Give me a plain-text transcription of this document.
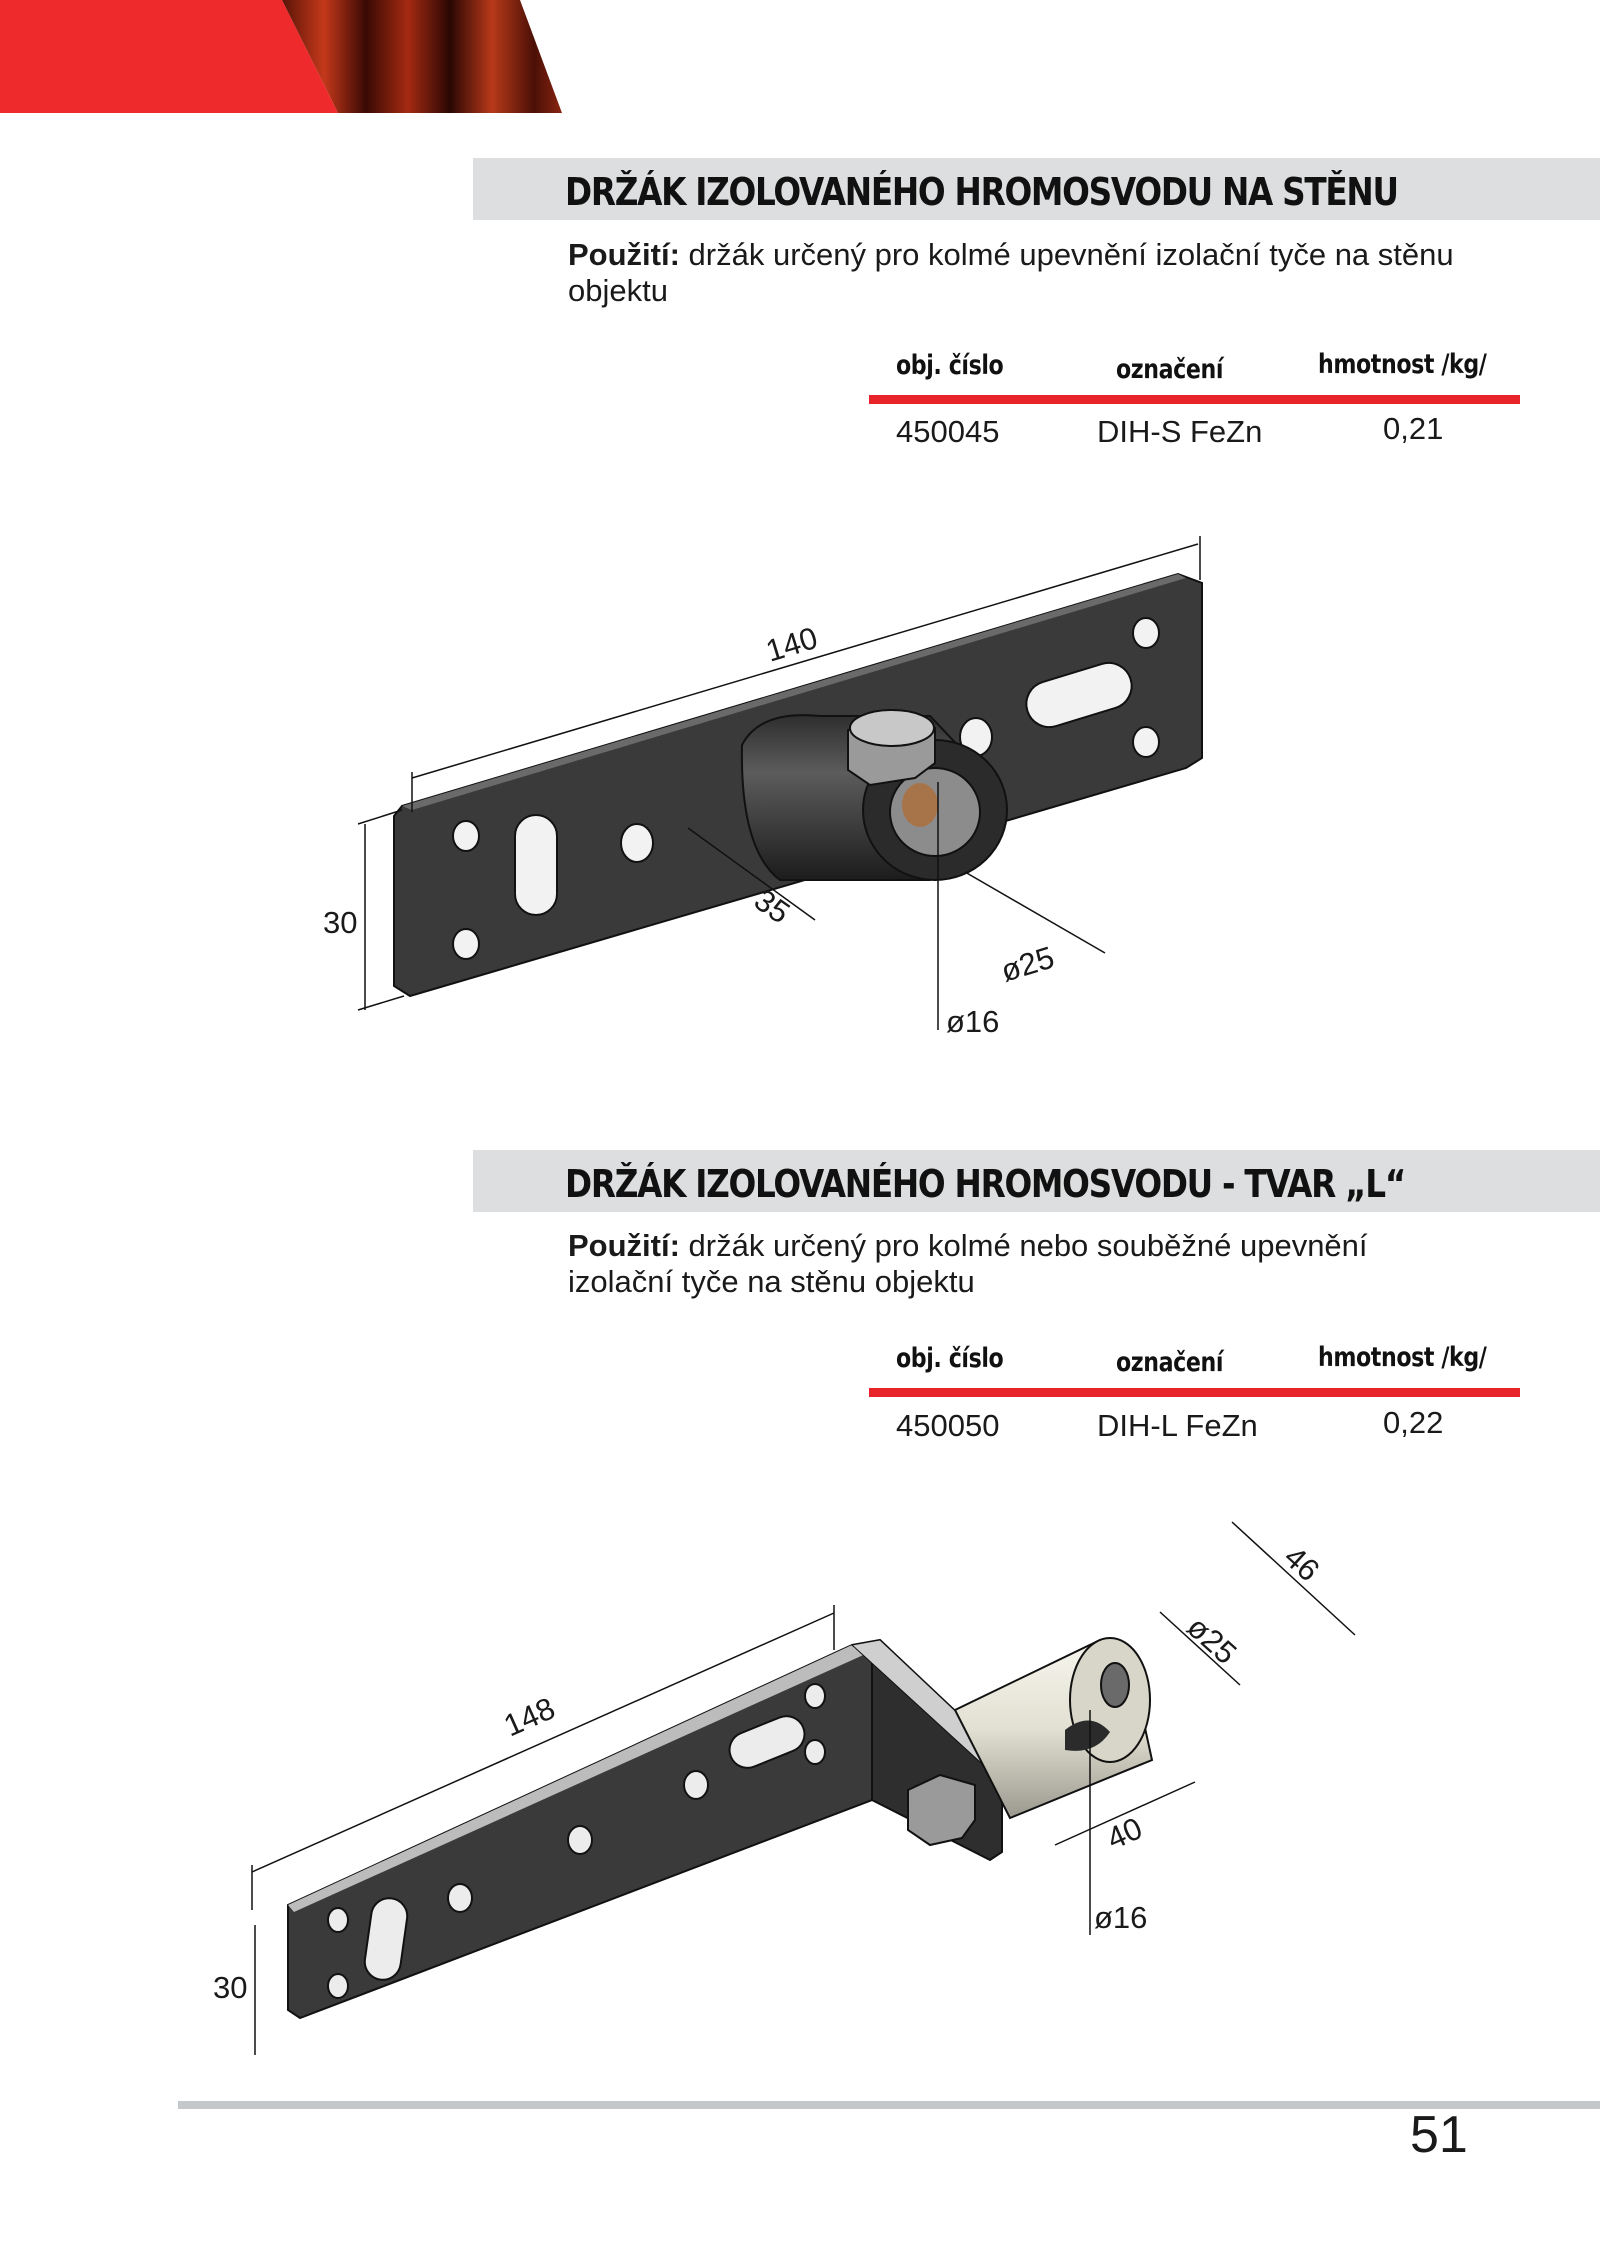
DRŽÁK IZOLOVANÉHO HROMOSVODU NA STĚNU
Použití: držák určený pro kolmé upevnění izolační tyče na stěnu objektu
obj. číslo	označení	hmotnost /kg/
450045	DIH-S FeZn	0,21
140
30	35
ø25
ø16
DRŽÁK IZOLOVANÉHO HROMOSVODU - TVAR „L“
Použití: držák určený pro kolmé nebo souběžné upevnění izolační tyče na stěnu objektu
obj. číslo	označení	hmotnost /kg/
450050	DIH-L FeZn	0,22
148
30
46
ø25
40
ø16
51
